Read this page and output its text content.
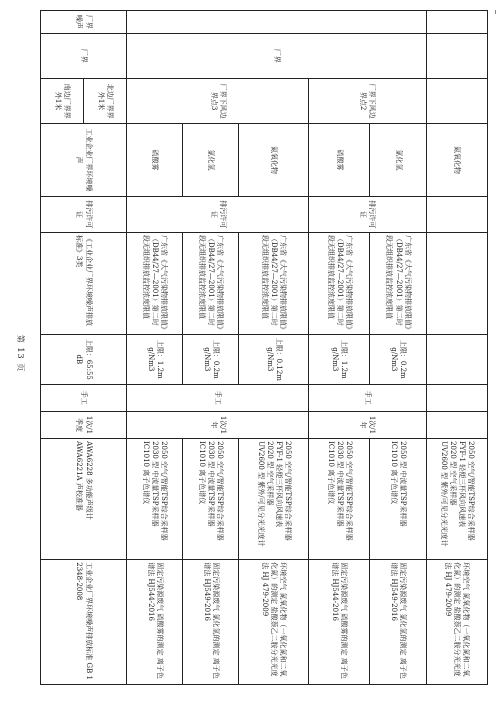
			氮氧化物						2050 空气/智能TSP综合采样器
FYF-1 轻便三杯风向风速表
2020 型 空气采样器
UV2600 型 紫外/可见分光光度计	环境空气 氮氧化物（一氧化氮和二氧化氮）的测定 盐酸萘乙二胺分光光度法 HJ 479-2009
	厂界	厂界下风边界点2	氯化氢	排污许可证	广东省《大气污染物排放限值》（DB44/27—2001）第二时段无组织排放监控浓度限值	上限：0.2mg/Nm3	手工	1次/1年	2050 型 中流量TSP采样器
IC1010 离子色谱仪	固定污染源废气 氯化氢的测定 离子色谱法 HJ549-2016
			硫酸雾		广东省《大气污染物排放限值》（DB44/27—2001）第二时段无组织排放监控浓度限值	上限：1.2mg/Nm3			2050 空气/智能TSP综合采样器
2030 型 中流量TSP采样器
IC1010 离子色谱仪	固定污染源废气 硫酸雾的测定 离子色谱法 HJ544-2016
		厂界下风边界点3	氮氧化物	排污许可证	广东省《大气污染物排放限值》（DB44/27—2001）第二时段无组织排放监控浓度限值	上限：0.12mg/Nm3	手工	1次/1年	2050 空气/智能TSP综合采样器
FYF-1 轻便三杯风向风速表
2020 型 空气采样器
UV2600 型 紫外/可见分光光度计	环境空气 氮氧化物（一氧化氮和二氧化氮）的测定 盐酸萘乙二胺分光光度法 HJ 479-2009
			氯化氢		广东省《大气污染物排放限值》（DB44/27—2001）第二时段无组织排放监控浓度限值	上限：0.2mg/Nm3			2050 空气/智能TSP综合采样器
2030 型 中流量TSP采样器
IC1010 离子色谱仪	固定污染源废气 氯化氢的测定 离子色谱法 HJ549-2016
			硫酸雾		广东省《大气污染物排放限值》（DB44/27—2001）第二时段无组织排放监控浓度限值	上限：1.2mg/Nm3			2050 空气/智能TSP综合采样器
2030 型 中流量TSP采样器
IC1010 离子色谱仪	固定污染源废气 硫酸雾的测定 离子色谱法 HJ544-2016
厂界噪声	厂界	北边厂界界外1米	工业企业厂界环境噪声	排污许可证	《工业企业厂界环境噪声排放标准》3类	上限：65:55dB	手工	1次/1季度	AWA6228 多功能声级计
AWA6221A 声校准器	工业企业厂界环境噪声排放标准 GB 12348-2008
		南边厂界界外1米								
第 13 页
